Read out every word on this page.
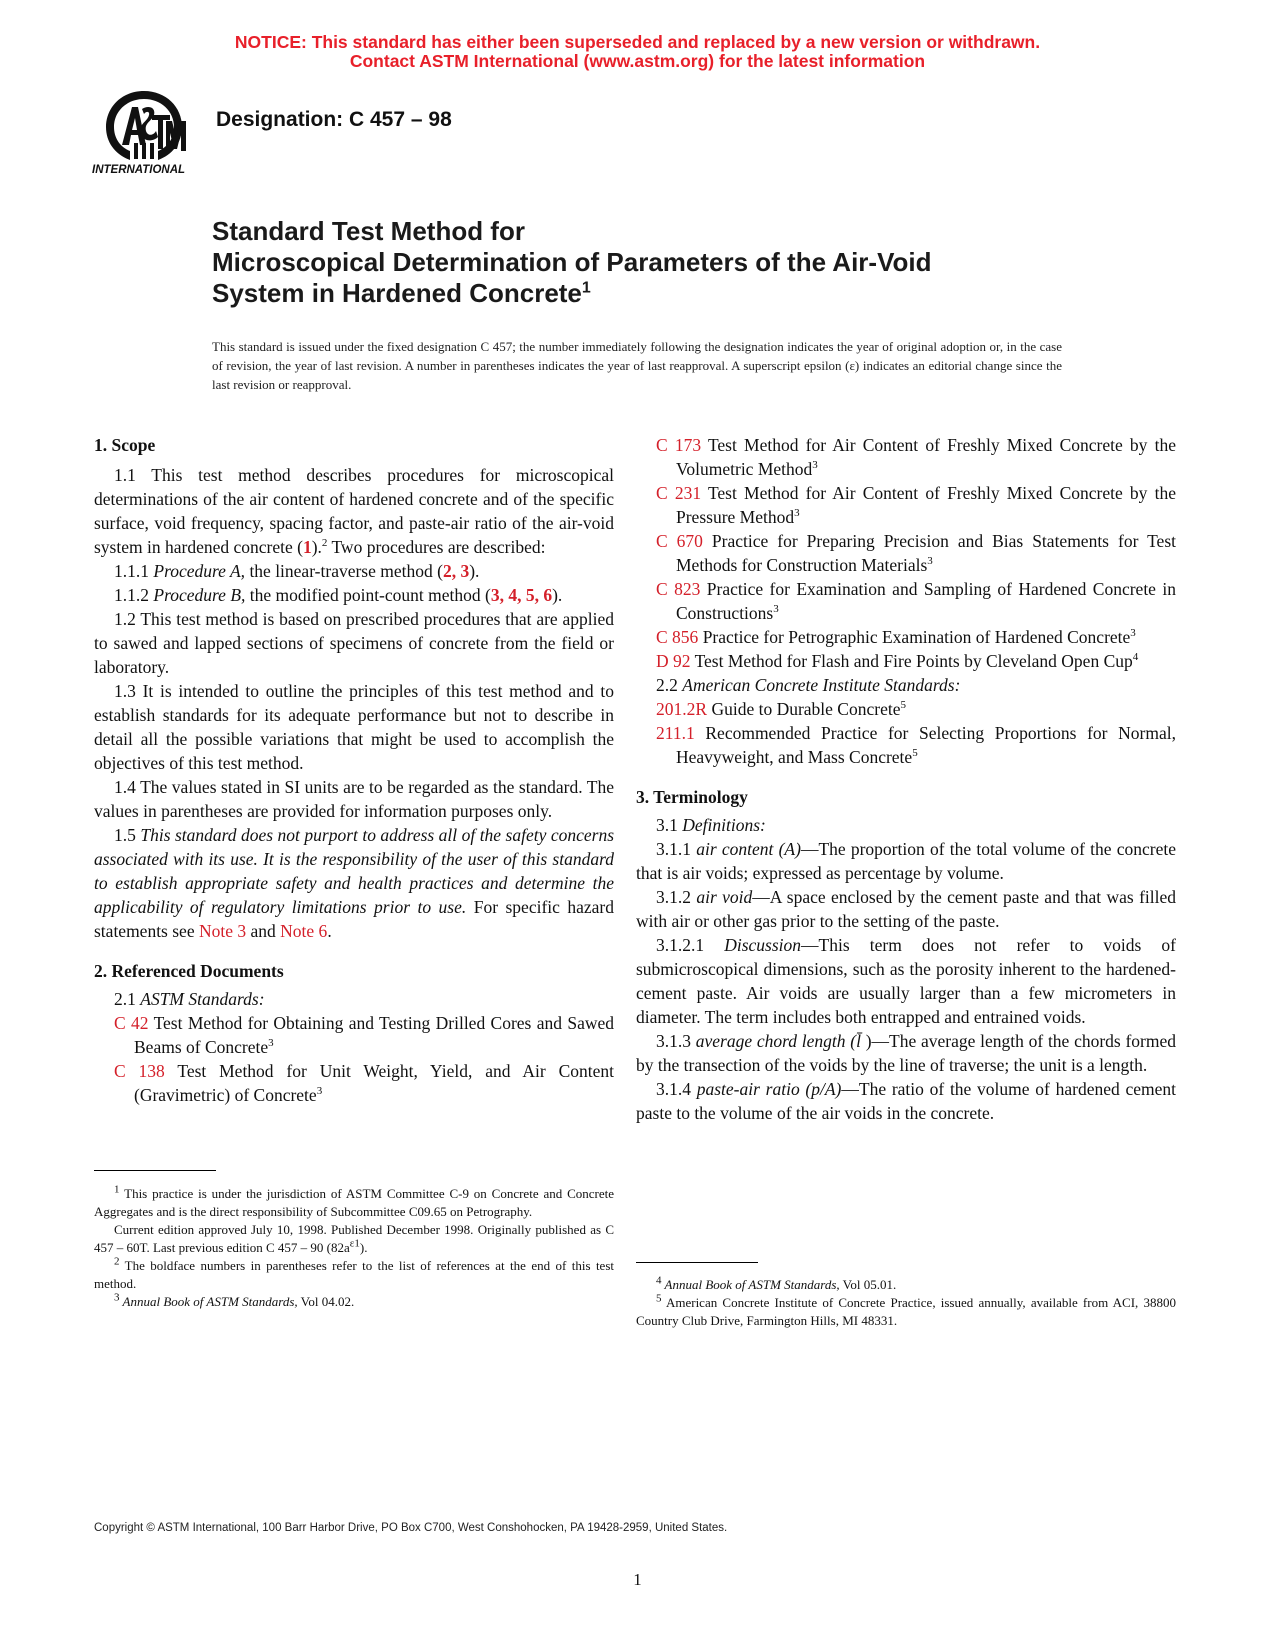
NOTICE: This standard has either been superseded and replaced by a new version or withdrawn.
Contact ASTM International (www.astm.org) for the latest information
INTERNATIONAL
Designation: C 457 – 98
Standard Test Method for
Microscopical Determination of Parameters of the Air-Void
System in Hardened Concrete$^1$
This standard is issued under the fixed designation C 457; the number immediately following the designation indicates the year of original adoption or, in the case of revision, the year of last revision. A number in parentheses indicates the year of last reapproval. A superscript epsilon (ε) indicates an editorial change since the last revision or reapproval.

1. Scope

1.1 This test method describes procedures for microscopical determinations of the air content of hardened concrete and of the specific surface, void frequency, spacing factor, and paste-air ratio of the air-void system in hardened concrete (1).$^2$ Two procedures are described:

1.1.1 Procedure A, the linear-traverse method (2, 3).

1.1.2 Procedure B, the modified point-count method (3, 4, 5, 6).

1.2 This test method is based on prescribed procedures that are applied to sawed and lapped sections of specimens of concrete from the field or laboratory.

1.3 It is intended to outline the principles of this test method and to establish standards for its adequate performance but not to describe in detail all the possible variations that might be used to accomplish the objectives of this test method.

1.4 The values stated in SI units are to be regarded as the standard. The values in parentheses are provided for information purposes only.

1.5 This standard does not purport to address all of the safety concerns associated with its use. It is the responsibility of the user of this standard to establish appropriate safety and health practices and determine the applicability of regulatory limitations prior to use. For specific hazard statements see Note 3 and Note 6.

2. Referenced Documents

2.1 ASTM Standards:

C 42 Test Method for Obtaining and Testing Drilled Cores and Sawed Beams of Concrete$^3$

C 138 Test Method for Unit Weight, Yield, and Air Content (Gravimetric) of Concrete$^3$

$^1$ This practice is under the jurisdiction of ASTM Committee C-9 on Concrete and Concrete Aggregates and is the direct responsibility of Subcommittee C09.65 on Petrography.

Current edition approved July 10, 1998. Published December 1998. Originally published as C 457 – 60T. Last previous edition C 457 – 90 $(82a^{\varepsilon 1})$.

$^2$ The boldface numbers in parentheses refer to the list of references at the end of this test method.

$^3$ Annual Book of ASTM Standards, Vol 04.02.

C 173 Test Method for Air Content of Freshly Mixed Concrete by the Volumetric Method$^3$

C 231 Test Method for Air Content of Freshly Mixed Concrete by the Pressure Method$^3$

C 670 Practice for Preparing Precision and Bias Statements for Test Methods for Construction Materials$^3$

C 823 Practice for Examination and Sampling of Hardened Concrete in Constructions$^3$

C 856 Practice for Petrographic Examination of Hardened Concrete$^3$

D 92 Test Method for Flash and Fire Points by Cleveland Open Cup$^4$

2.2 American Concrete Institute Standards:

201.2R Guide to Durable Concrete$^5$

211.1 Recommended Practice for Selecting Proportions for Normal, Heavyweight, and Mass Concrete$^5$

3. Terminology

3.1 Definitions:

3.1.1 air content (A)—The proportion of the total volume of the concrete that is air voids; expressed as percentage by volume.

3.1.2 air void—A space enclosed by the cement paste and that was filled with air or other gas prior to the setting of the paste.

3.1.2.1 Discussion—This term does not refer to voids of submicroscopical dimensions, such as the porosity inherent to the hardened-cement paste. Air voids are usually larger than a few micrometers in diameter. The term includes both entrapped and entrained voids.

3.1.3 average chord length (l̄ )—The average length of the chords formed by the transection of the voids by the line of traverse; the unit is a length.

3.1.4 paste-air ratio (p/A)—The ratio of the volume of hardened cement paste to the volume of the air voids in the concrete.

$^4$ Annual Book of ASTM Standards, Vol 05.01.

$^5$ American Concrete Institute of Concrete Practice, issued annually, available from ACI, 38800 Country Club Drive, Farmington Hills, MI 48331.

Copyright © ASTM International, 100 Barr Harbor Drive, PO Box C700, West Conshohocken, PA 19428-2959, United States.
1
